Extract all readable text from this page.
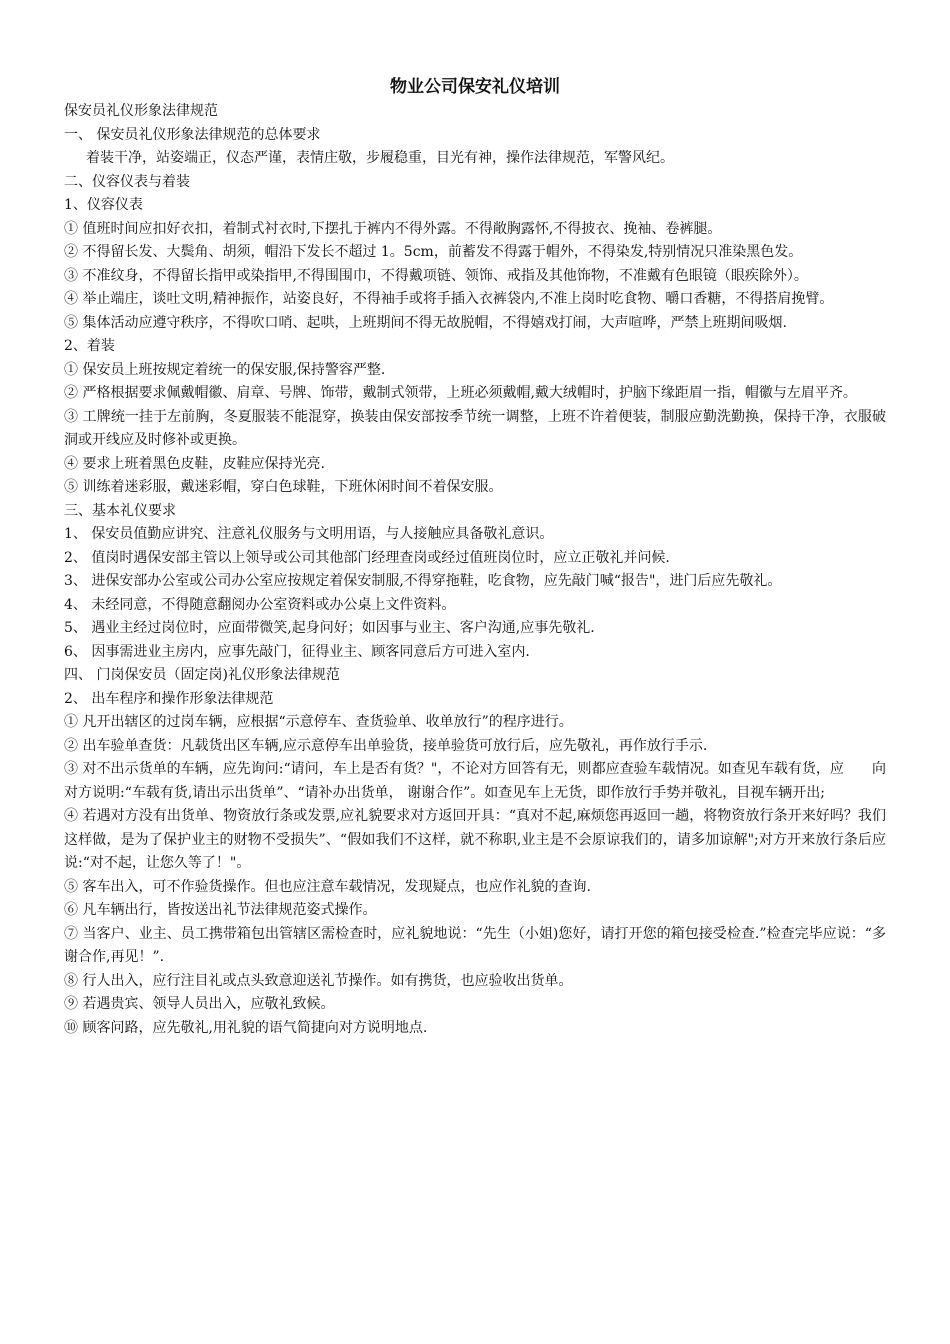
物业公司保安礼仪培训

保安员礼仪形象法律规范

一、 保安员礼仪形象法律规范的总体要求

着装干净，站姿端正，仪态严谨，表情庄敬，步履稳重，目光有神，操作法律规范，军警风纪。

二、仪容仪表与着装

1、仪容仪表

① 值班时间应扣好衣扣，着制式衬衣时,下摆扎于裤内不得外露。不得敞胸露怀,不得披衣、挽袖、卷裤腿。

② 不得留长发、大鬓角、胡须，帽沿下发长不超过 1。5cm，前蓄发不得露于帽外，不得染发,特别情况只准染黑色发。

③ 不准纹身，不得留长指甲或染指甲,不得围围巾，不得戴项链、领饰、戒指及其他饰物，不准戴有色眼镜（眼疾除外）。

④ 举止端庄，谈吐文明,精神振作，站姿良好，不得袖手或将手插入衣裤袋内,不准上岗时吃食物、嚼口香糖，不得搭肩挽臂。

⑤ 集体活动应遵守秩序，不得吹口哨、起哄，上班期间不得无故脱帽，不得嬉戏打闹，大声喧哗，严禁上班期间吸烟.

2、着装

① 保安员上班按规定着统一的保安服,保持警容严整.

② 严格根据要求佩戴帽徽、肩章、号牌、饰带，戴制式领带，上班必须戴帽,戴大绒帽时，护脑下缘距眉一指，帽徽与左眉平齐。

③ 工牌统一挂于左前胸，冬夏服装不能混穿，换装由保安部按季节统一调整，上班不许着便装，制服应勤洗勤换，保持干净，衣服破洞或开线应及时修补或更换。

④ 要求上班着黑色皮鞋，皮鞋应保持光亮.

⑤ 训练着迷彩服，戴迷彩帽，穿白色球鞋，下班休闲时间不着保安服。

三、基本礼仪要求

1、 保安员值勤应讲究、注意礼仪服务与文明用语，与人接触应具备敬礼意识。

2、 值岗时遇保安部主管以上领导或公司其他部门经理查岗或经过值班岗位时，应立正敬礼并问候.

3、 进保安部办公室或公司办公室应按规定着保安制服,不得穿拖鞋，吃食物，应先敲门喊“报告"，进门后应先敬礼。

4、 未经同意，不得随意翻阅办公室资料或办公桌上文件资料。

5、 遇业主经过岗位时，应面带微笑,起身问好；如因事与业主、客户沟通,应事先敬礼.

6、 因事需进业主房内，应事先敲门，征得业主、顾客同意后方可进入室内.

四、 门岗保安员（固定岗)礼仪形象法律规范

2、 出车程序和操作形象法律规范

① 凡开出辖区的过岗车辆，应根据“示意停车、查货验单、收单放行”的程序进行。

② 出车验单查货：凡载货出区车辆,应示意停车出单验货，接单验货可放行后，应先敬礼，再作放行手示.

③ 对不出示货单的车辆，应先询问:“请问，车上是否有货？"，不论对方回答有无，则都应查验车载情况。如查见车载有货，应　　向对方说明:“车载有货,请出示出货单”、“请补办出货单， 谢谢合作”。如查见车上无货，即作放行手势并敬礼，目视车辆开出;

④ 若遇对方没有出货单、物资放行条或发票,应礼貌要求对方返回开具：“真对不起,麻烦您再返回一趟，将物资放行条开来好吗？我们这样做，是为了保护业主的财物不受损失”、“假如我们不这样，就不称职,业主是不会原谅我们的，请多加谅解";对方开来放行条后应说:“对不起，让您久等了！"。

⑤ 客车出入，可不作验货操作。但也应注意车载情况，发现疑点，也应作礼貌的查询.

⑥ 凡车辆出行，皆按送出礼节法律规范姿式操作。

⑦ 当客户、业主、员工携带箱包出管辖区需检查时，应礼貌地说：“先生（小姐)您好，请打开您的箱包接受检查.”检查完毕应说：“多谢合作,再见！”.

⑧ 行人出入，应行注目礼或点头致意迎送礼节操作。如有携货，也应验收出货单。

⑨ 若遇贵宾、领导人员出入，应敬礼致候。

⑩ 顾客问路，应先敬礼,用礼貌的语气简捷向对方说明地点.
